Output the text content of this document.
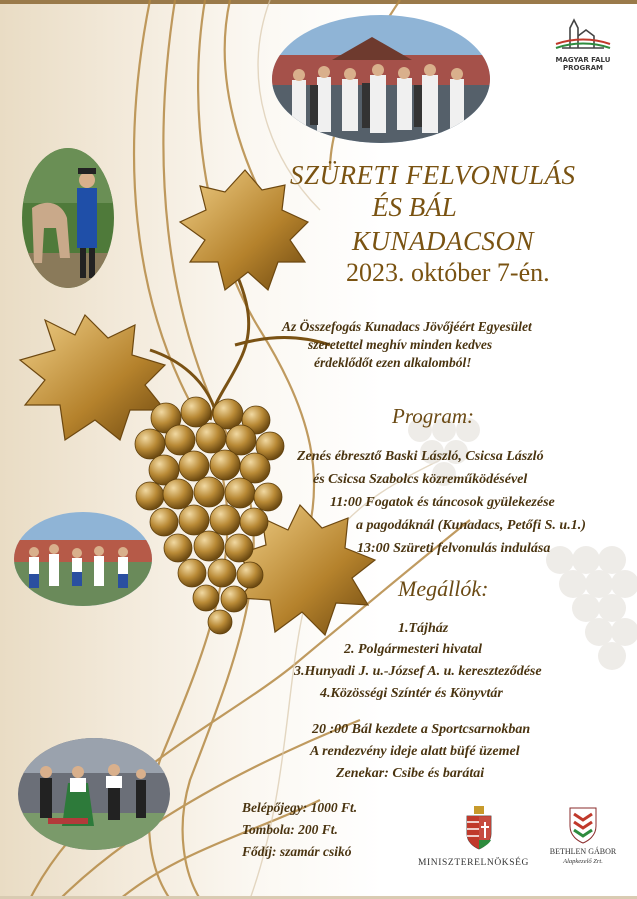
MAGYAR FALU
PROGRAM
SZÜRETI FELVONULÁS
ÉS BÁL
KUNADACSON
2023. október 7-én.
Az Összefogás Kunadacs Jövőjéért Egyesület
szeretettel meghív minden kedves
érdeklődőt ezen alkalomból!
Program:
Zenés ébresztő Baski László, Csicsa László
és Csicsa Szabolcs közreműködésével
11:00 Fogatok és táncosok gyülekezése
a pagodáknál (Kunadacs, Petőfi S. u.1.)
13:00 Szüreti felvonulás indulása
Megállók:
1.Tájház
2. Polgármesteri hivatal
3.Hunyadi J. u.-József A. u. kereszteződése
4.Közösségi Színtér és Könyvtár
20 :00 Bál kezdete a Sportcsarnokban
A rendezvény ideje alatt büfé üzemel
Zenekar: Csibe és barátai
Belépőjegy: 1000 Ft.
Tombola: 200 Ft.
Fődíj: szamár csikó
MINISZTERELNÖKSÉG
BETHLEN GÁBOR
Alapkezelő Zrt.
